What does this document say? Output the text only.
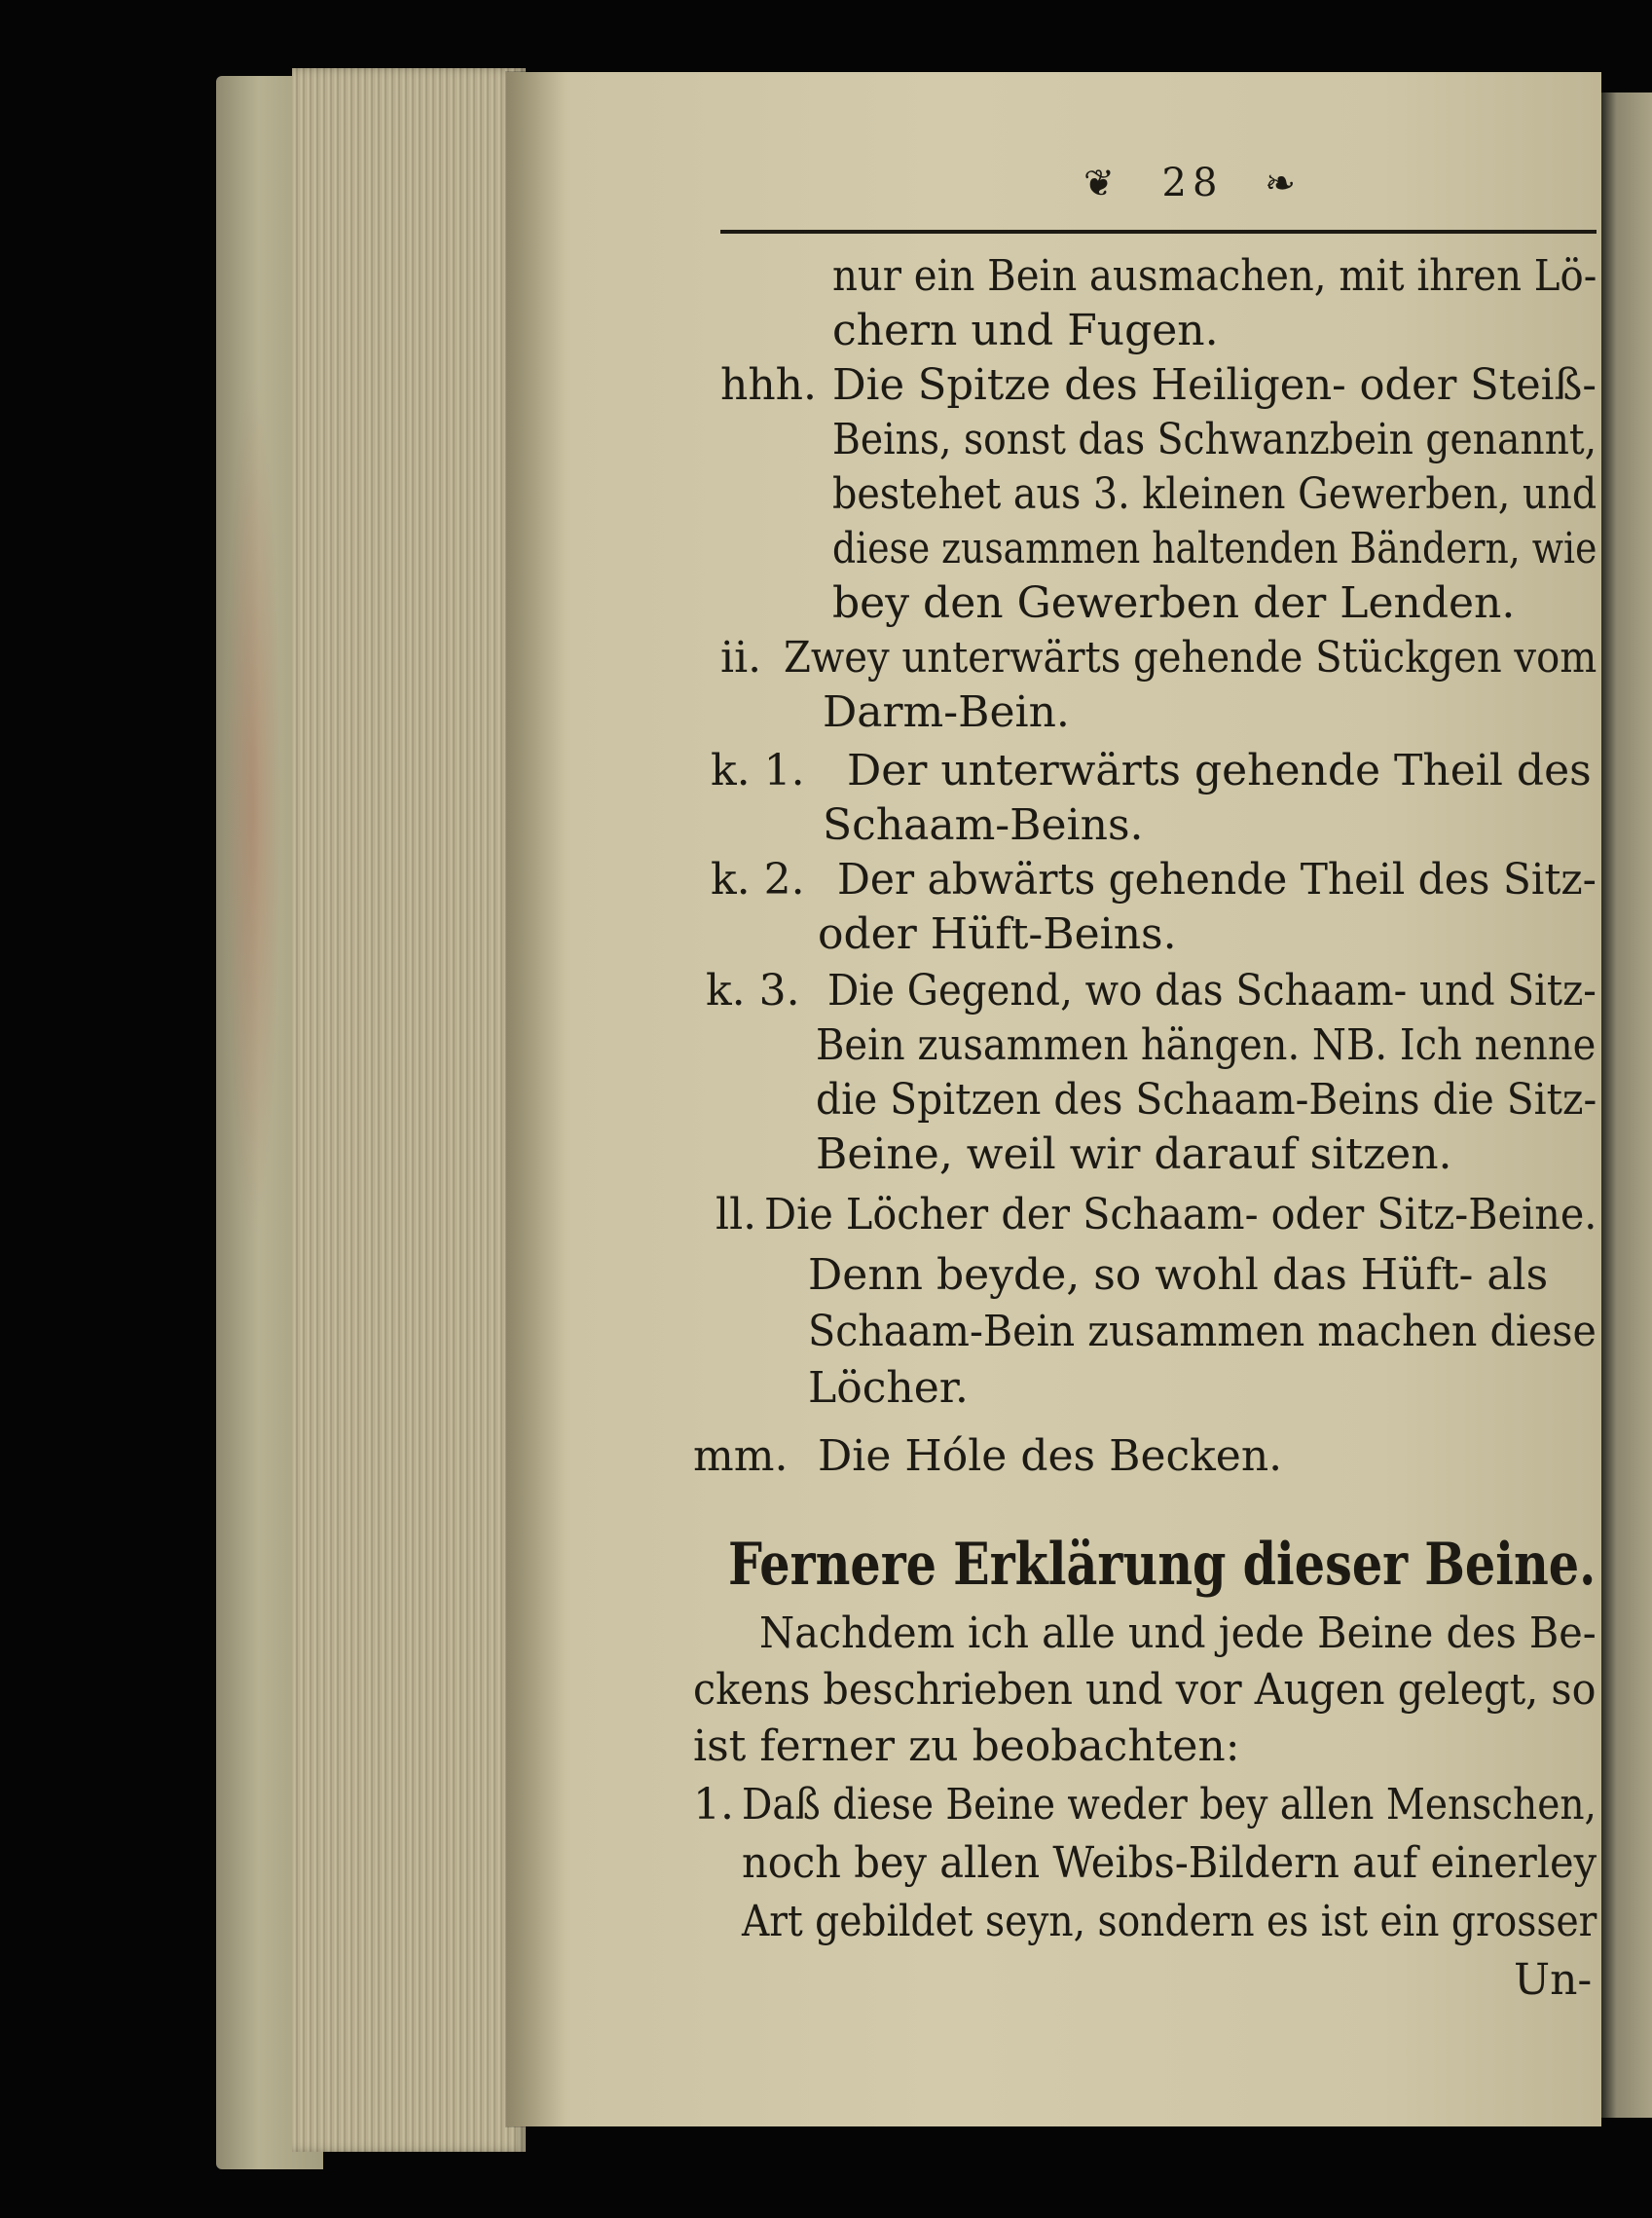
❦ 28 ❧
nur ein Bein ausmachen, mit ihren Lö-
chern und Fugen.
hhh. Die Spitze des Heiligen- oder Steiß-
Beins, sonst das Schwanzbein genannt,
bestehet aus 3. kleinen Gewerben, und
diese zusammen haltenden Bändern, wie
bey den Gewerben der Lenden.
ii. Zwey unterwärts gehende Stückgen vom
Darm-Bein.
k. 1. Der unterwärts gehende Theil des
Schaam-Beins.
k. 2. Der abwärts gehende Theil des Sitz-
oder Hüft-Beins.
k. 3. Die Gegend, wo das Schaam- und Sitz-
Bein zusammen hängen. NB. Ich nenne
die Spitzen des Schaam-Beins die Sitz-
Beine, weil wir darauf sitzen.
ll. Die Löcher der Schaam- oder Sitz-Beine.
Denn beyde, so wohl das Hüft- als
Schaam-Bein zusammen machen diese
Löcher.
mm. Die Hóle des Becken.
Fernere Erklärung dieser Beine.
Nachdem ich alle und jede Beine des Be-
ckens beschrieben und vor Augen gelegt, so
ist ferner zu beobachten:
1. Daß diese Beine weder bey allen Menschen,
noch bey allen Weibs-Bildern auf einerley
Art gebildet seyn, sondern es ist ein grosser
Un-
